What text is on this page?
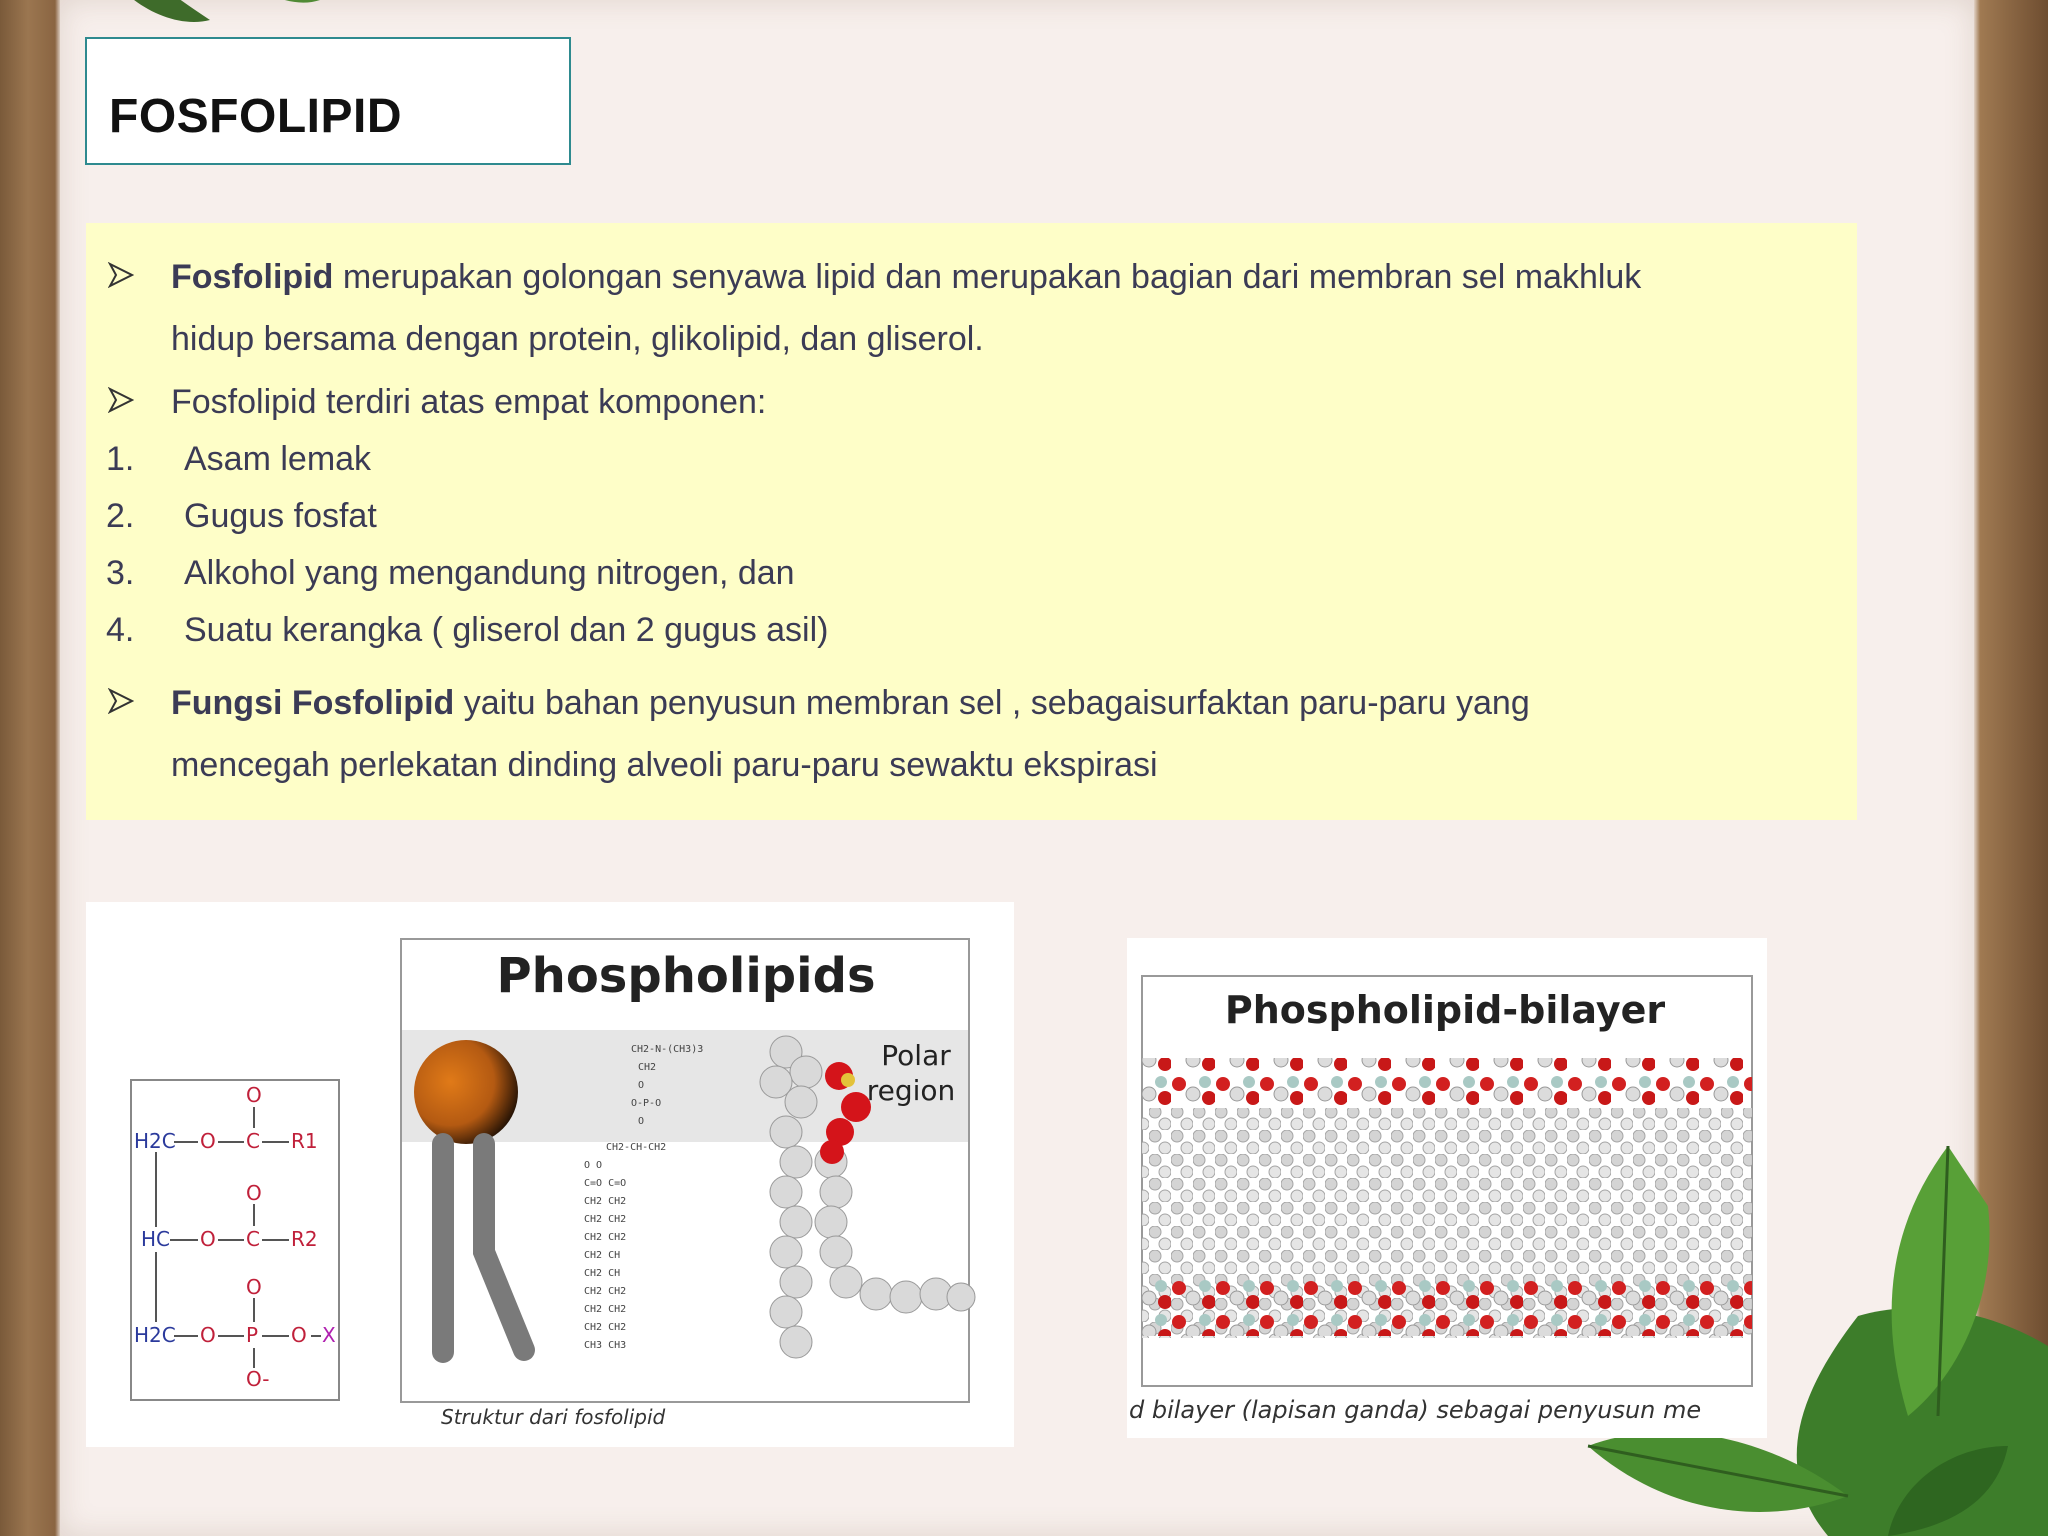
FOSFOLIPID
Fosfolipid merupakan golongan senyawa lipid dan merupakan bagian dari membran sel makhluk
hidup bersama dengan protein, glikolipid, dan gliserol.
Fosfolipid terdiri atas empat komponen:
1. Asam lemak
2. Gugus fosfat
3. Alkohol yang mengandung nitrogen, dan
4. Suatu kerangka ( gliserol dan 2 gugus asil)
Fungsi Fosfolipid yaitu bahan penyusun membran sel , sebagaisurfaktan paru-paru yang
mencegah perlekatan dinding alveoli paru-paru sewaktu ekspirasi
O
H2C O C R1
O
HC O C R2
O
H2C O P O X
O-
Phospholipids
CH2-N-(CH3)3
CH2
O
O-P-O
O
CH2-CH-CH2
O O
C=O C=O
CH2 CH2
CH2 CH2
CH2 CH2
CH2 CH
CH2 CH
CH2 CH2
CH2 CH2
CH2 CH2
CH3 CH3
Polar
region
Struktur dari fosfolipid
Phospholipid-bilayer
d bilayer (lapisan ganda) sebagai penyusun me
